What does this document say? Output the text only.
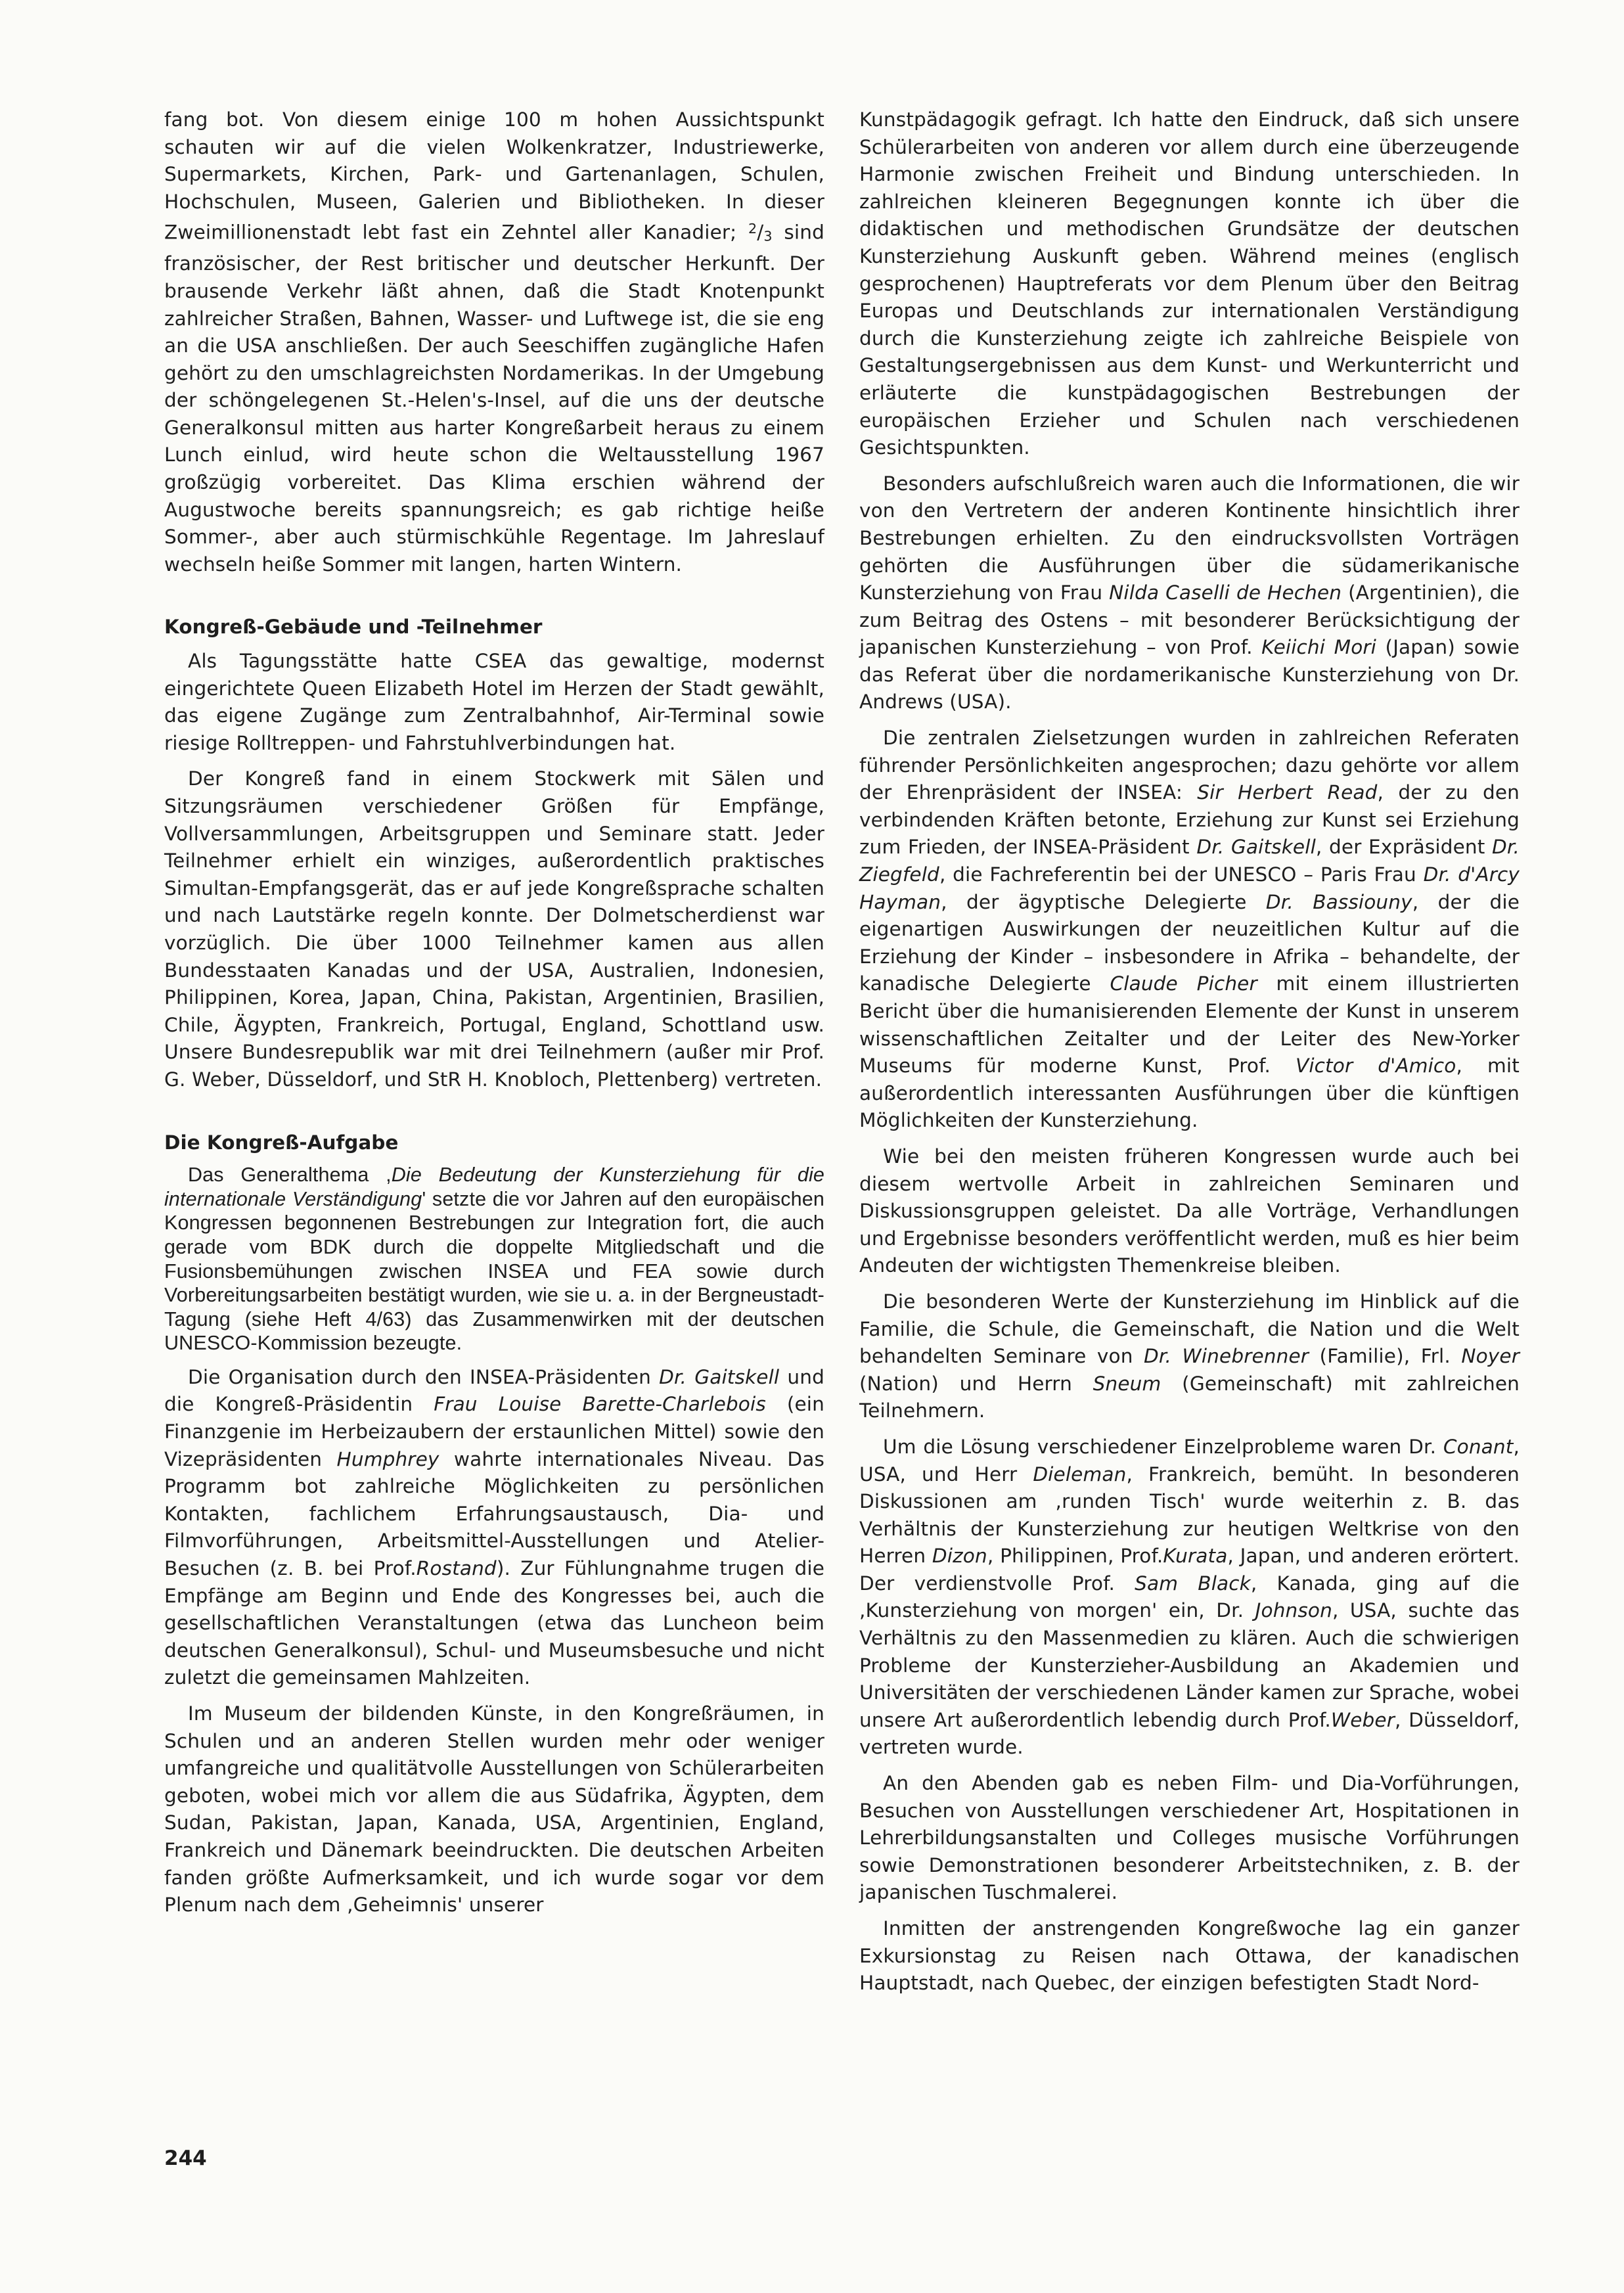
fang bot. Von diesem einige 100 m hohen Aussichtspunkt schauten wir auf die vielen Wolkenkratzer, Industriewerke, Supermarkets, Kirchen, Park- und Gartenanlagen, Schulen, Hochschulen, Museen, Galerien und Bibliotheken. In dieser Zweimillionenstadt lebt fast ein Zehntel aller Kanadier; $^2$/3 sind französischer, der Rest britischer und deutscher Herkunft. Der brausende Verkehr läßt ahnen, daß die Stadt Knotenpunkt zahlreicher Straßen, Bahnen, Wasser- und Luftwege ist, die sie eng an die USA anschließen. Der auch Seeschiffen zugängliche Hafen gehört zu den umschlagreichsten Nordamerikas. In der Umgebung der schöngelegenen St.-Helen's-Insel, auf die uns der deutsche Generalkonsul mitten aus harter Kongreßarbeit heraus zu einem Lunch einlud, wird heute schon die Weltausstellung 1967 großzügig vorbereitet. Das Klima erschien während der Augustwoche bereits spannungsreich; es gab richtige heiße Sommer-, aber auch stürmischkühle Regentage. Im Jahreslauf wechseln heiße Sommer mit langen, harten Wintern.

Kongreß-Gebäude und -Teilnehmer

Als Tagungsstätte hatte CSEA das gewaltige, modernst eingerichtete Queen Elizabeth Hotel im Herzen der Stadt gewählt, das eigene Zugänge zum Zentralbahnhof, Air-Terminal sowie riesige Rolltreppen- und Fahrstuhlverbindungen hat.

Der Kongreß fand in einem Stockwerk mit Sälen und Sitzungsräumen verschiedener Größen für Empfänge, Vollversammlungen, Arbeitsgruppen und Seminare statt. Jeder Teilnehmer erhielt ein winziges, außerordentlich praktisches Simultan-Empfangsgerät, das er auf jede Kongreßsprache schalten und nach Lautstärke regeln konnte. Der Dolmetscherdienst war vorzüglich. Die über 1000 Teilnehmer kamen aus allen Bundesstaaten Kanadas und der USA, Australien, Indonesien, Philippinen, Korea, Japan, China, Pakistan, Argentinien, Brasilien, Chile, Ägypten, Frankreich, Portugal, England, Schottland usw. Unsere Bundesrepublik war mit drei Teilnehmern (außer mir Prof. G. Weber, Düsseldorf, und StR H. Knobloch, Plettenberg) vertreten.

Die Kongreß-Aufgabe

Das Generalthema ,Die Bedeutung der Kunsterziehung für die internationale Verständigung' setzte die vor Jahren auf den europäischen Kongressen begonnenen Bestrebungen zur Integration fort, die auch gerade vom BDK durch die doppelte Mitgliedschaft und die Fusionsbemühungen zwischen INSEA und FEA sowie durch Vorbereitungsarbeiten bestätigt wurden, wie sie u. a. in der Bergneustadt-Tagung (siehe Heft 4/63) das Zusammenwirken mit der deutschen UNESCO-Kommission bezeugte.

Die Organisation durch den INSEA-Präsidenten Dr. Gaitskell und die Kongreß-Präsidentin Frau Louise Barette-Charlebois (ein Finanzgenie im Herbeizaubern der erstaunlichen Mittel) sowie den Vizepräsidenten Humphrey wahrte internationales Niveau. Das Programm bot zahlreiche Möglichkeiten zu persönlichen Kontakten, fachlichem Erfahrungsaustausch, Dia- und Filmvorführungen, Arbeitsmittel-Ausstellungen und Atelier-Besuchen (z. B. bei Prof.Rostand). Zur Fühlungnahme trugen die Empfänge am Beginn und Ende des Kongresses bei, auch die gesellschaftlichen Veranstaltungen (etwa das Luncheon beim deutschen Generalkonsul), Schul- und Museumsbesuche und nicht zuletzt die gemeinsamen Mahlzeiten.

Im Museum der bildenden Künste, in den Kongreßräumen, in Schulen und an anderen Stellen wurden mehr oder weniger umfangreiche und qualitätvolle Ausstellungen von Schülerarbeiten geboten, wobei mich vor allem die aus Südafrika, Ägypten, dem Sudan, Pakistan, Japan, Kanada, USA, Argentinien, England, Frankreich und Dänemark beeindruckten. Die deutschen Arbeiten fanden größte Aufmerksamkeit, und ich wurde sogar vor dem Plenum nach dem ,Geheimnis' unserer

Kunstpädagogik gefragt. Ich hatte den Eindruck, daß sich unsere Schülerarbeiten von anderen vor allem durch eine überzeugende Harmonie zwischen Freiheit und Bindung unterschieden. In zahlreichen kleineren Begegnungen konnte ich über die didaktischen und methodischen Grundsätze der deutschen Kunsterziehung Auskunft geben. Während meines (englisch gesprochenen) Hauptreferats vor dem Plenum über den Beitrag Europas und Deutschlands zur internationalen Verständigung durch die Kunsterziehung zeigte ich zahlreiche Beispiele von Gestaltungsergebnissen aus dem Kunst- und Werkunterricht und erläuterte die kunstpädagogischen Bestrebungen der europäischen Erzieher und Schulen nach verschiedenen Gesichtspunkten.

Besonders aufschlußreich waren auch die Informationen, die wir von den Vertretern der anderen Kontinente hinsichtlich ihrer Bestrebungen erhielten. Zu den eindrucksvollsten Vorträgen gehörten die Ausführungen über die südamerikanische Kunsterziehung von Frau Nilda Caselli de Hechen (Argentinien), die zum Beitrag des Ostens – mit besonderer Berücksichtigung der japanischen Kunsterziehung – von Prof. Keiichi Mori (Japan) sowie das Referat über die nordamerikanische Kunsterziehung von Dr. Andrews (USA).

Die zentralen Zielsetzungen wurden in zahlreichen Referaten führender Persönlichkeiten angesprochen; dazu gehörte vor allem der Ehrenpräsident der INSEA: Sir Herbert Read, der zu den verbindenden Kräften betonte, Erziehung zur Kunst sei Erziehung zum Frieden, der INSEA-Präsident Dr. Gaitskell, der Expräsident Dr. Ziegfeld, die Fachreferentin bei der UNESCO – Paris Frau Dr. d'Arcy Hayman, der ägyptische Delegierte Dr. Bassiouny, der die eigenartigen Auswirkungen der neuzeitlichen Kultur auf die Erziehung der Kinder – insbesondere in Afrika – behandelte, der kanadische Delegierte Claude Picher mit einem illustrierten Bericht über die humanisierenden Elemente der Kunst in unserem wissenschaftlichen Zeitalter und der Leiter des New-Yorker Museums für moderne Kunst, Prof. Victor d'Amico, mit außerordentlich interessanten Ausführungen über die künftigen Möglichkeiten der Kunsterziehung.

Wie bei den meisten früheren Kongressen wurde auch bei diesem wertvolle Arbeit in zahlreichen Seminaren und Diskussionsgruppen geleistet. Da alle Vorträge, Verhandlungen und Ergebnisse besonders veröffentlicht werden, muß es hier beim Andeuten der wichtigsten Themenkreise bleiben.

Die besonderen Werte der Kunsterziehung im Hinblick auf die Familie, die Schule, die Gemeinschaft, die Nation und die Welt behandelten Seminare von Dr. Winebrenner (Familie), Frl. Noyer (Nation) und Herrn Sneum (Gemeinschaft) mit zahlreichen Teilnehmern.

Um die Lösung verschiedener Einzelprobleme waren Dr. Conant, USA, und Herr Dieleman, Frankreich, bemüht. In besonderen Diskussionen am ,runden Tisch' wurde weiterhin z. B. das Verhältnis der Kunsterziehung zur heutigen Weltkrise von den Herren Dizon, Philippinen, Prof.Kurata, Japan, und anderen erörtert. Der verdienstvolle Prof. Sam Black, Kanada, ging auf die ,Kunsterziehung von morgen' ein, Dr. Johnson, USA, suchte das Verhältnis zu den Massenmedien zu klären. Auch die schwierigen Probleme der Kunsterzieher-Ausbildung an Akademien und Universitäten der verschiedenen Länder kamen zur Sprache, wobei unsere Art außerordentlich lebendig durch Prof.Weber, Düsseldorf, vertreten wurde.

An den Abenden gab es neben Film- und Dia-Vorführungen, Besuchen von Ausstellungen verschiedener Art, Hospitationen in Lehrerbildungsanstalten und Colleges musische Vorführungen sowie Demonstrationen besonderer Arbeitstechniken, z. B. der japanischen Tuschmalerei.

Inmitten der anstrengenden Kongreßwoche lag ein ganzer Exkursionstag zu Reisen nach Ottawa, der kanadischen Hauptstadt, nach Quebec, der einzigen befestigten Stadt Nord-

244
